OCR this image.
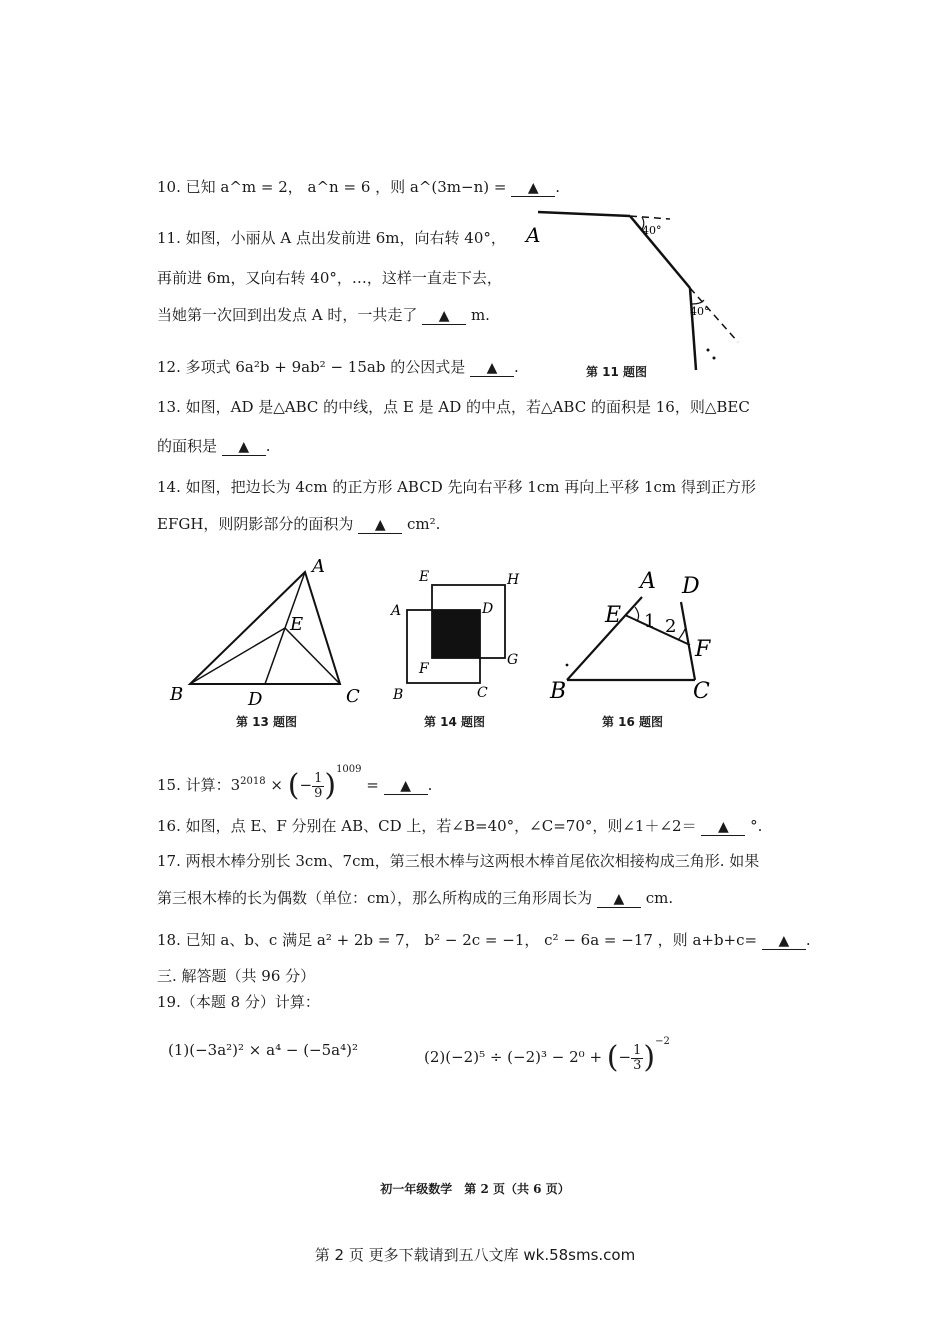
10. 已知 a^m = 2， a^n = 6 ，则 a^(3m−n) = ▲ .
11. 如图，小丽从 A 点出发前进 6m，向右转 40°，
再前进 6m，又向右转 40°，…，这样一直走下去，
当她第一次回到出发点 A 时，一共走了 ▲ m.
A	40°
40°
第 11 题图
12. 多项式 6a²b + 9ab² − 15ab 的公因式是 ▲ .
13. 如图，AD 是△ABC 的中线，点 E 是 AD 的中点，若△ABC 的面积是 16，则△BEC
的面积是 ▲ .
14. 如图，把边长为 4cm 的正方形 ABCD 先向右平移 1cm 再向上平移 1cm 得到正方形
EFGH，则阴影部分的面积为 ▲ cm².
A
B	C
D
E
第 13 题图
E	H
A	D
F
G
B	C
第 14 题图
A D
E
F
B	C
1 2
第 16 题图
15. 计算：$3^{2018}$ × (− $\frac{1}{9} )^{1009}$ = ▲ .
16. 如图，点 E、F 分别在 AB、CD 上，若∠B=40°，∠C=70°，则∠1＋∠2＝ ▲ °.
17. 两根木棒分别长 3cm、7cm，第三根木棒与这两根木棒首尾依次相接构成三角形. 如果
第三根木棒的长为偶数（单位：cm），那么所构成的三角形周长为 ▲ cm.
18. 已知 a、b、c 满足 a² + 2b = 7， b² − 2c = −1， c² − 6a = −17 ，则 a+b+c= ▲ .
三. 解答题（共 96 分）
19.（本题 8 分）计算：
(1)(−3a²)² × a⁴ − (−5a⁴)²	(2)(−2)⁵ ÷ (−2)³ − 2⁰ + (− $\frac{1}{3} )^{-2}$
初一年级数学　第 2 页（共 6 页）
第 2 页 更多下载请到五八文库 wk.58sms.com
